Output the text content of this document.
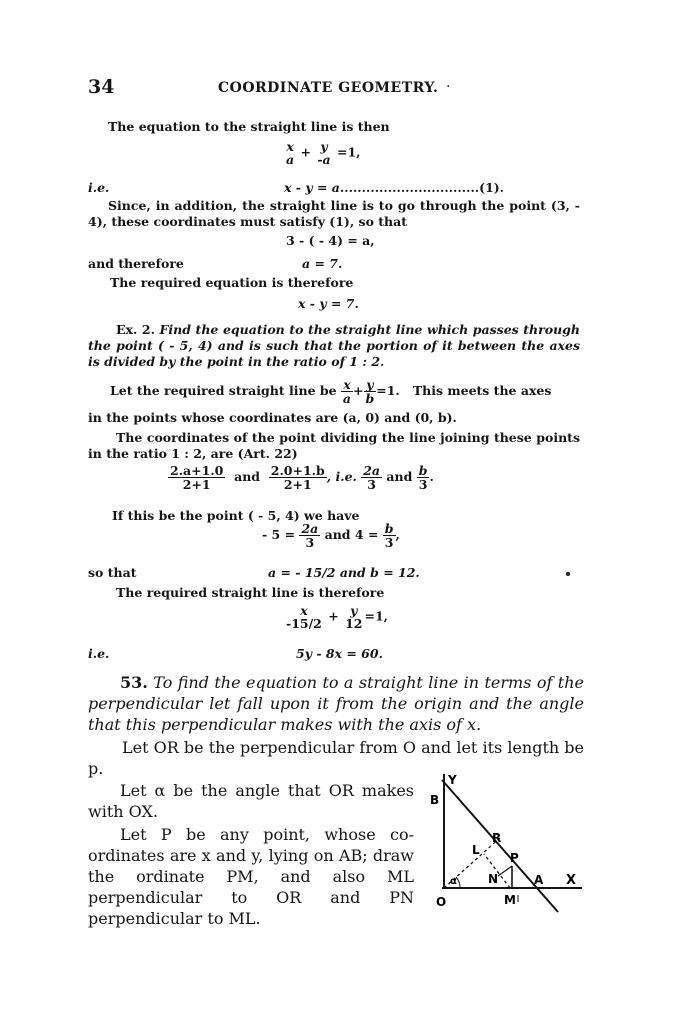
34	COORDINATE GEOMETRY. ·
The equation to the straight line is then
x
a + y
-a =1,
i.e.	x - y = a................................(1).
Since, in addition, the straight line is to go through the point (3, - 4), these coordinates must satisfy (1), so that
3 - ( - 4) = a,
and therefore	a = 7.
The required equation is therefore
x - y = 7.
Ex. 2. Find the equation to the straight line which passes through the point ( - 5, 4) and is such that the portion of it between the axes is divided by the point in the ratio of 1 : 2.
Let the required straight line be $\frac{x}{a} + \frac{y}{b} =1$. This meets the axes
in the points whose coordinates are (a, 0) and (0, b).
The coordinates of the point dividing the line joining these points in the ratio 1 : 2, are (Art. 22)
$\frac{2.a+1.0}{2+1}$ and $\frac{2.0+1.b}{2+1}$ , i.e. $\frac{2a}{3}$ and $\frac{b}{3}$ .
If this be the point ( - 5, 4) we have
- $5 = \frac{2a}{3}$ and $4 = \frac{b}{3}$ ,
so that	a = - 15/2 and b = 12.
The required straight line is therefore
x
-15/2 + y
12 =1,
i.e.	5y - 8x = 60.
53. To find the equation to a straight line in terms of the perpendicular let fall upon it from the origin and the angle that this perpendicular makes with the axis of x.
Let OR be the perpendicular from O and let its length be p.
Let α be the angle that OR makes with OX.
Let P be any point, whose co-ordinates are x and y, lying on AB; draw the ordinate PM, and also ML perpendicular to OR and PN perpendicular to ML.
Y
B
R
L
P
N
α	A X
O	M
